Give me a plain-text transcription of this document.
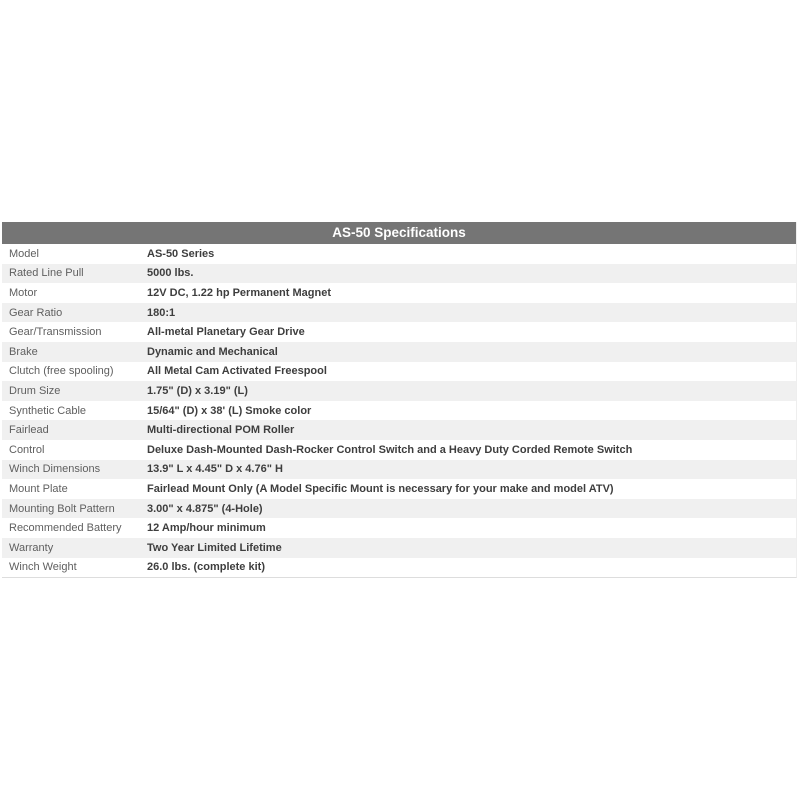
AS-50 Specifications
Model	AS-50 Series
Rated Line Pull	5000 lbs.
Motor	12V DC, 1.22 hp Permanent Magnet
Gear Ratio	180:1
Gear/Transmission	All-metal Planetary Gear Drive
Brake	Dynamic and Mechanical
Clutch (free spooling)	All Metal Cam Activated Freespool
Drum Size	1.75" (D) x 3.19" (L)
Synthetic Cable	15/64" (D) x 38' (L) Smoke color
Fairlead	Multi-directional POM Roller
Control	Deluxe Dash-Mounted Dash-Rocker Control Switch and a Heavy Duty Corded Remote Switch
Winch Dimensions	13.9" L x 4.45" D x 4.76" H
Mount Plate	Fairlead Mount Only (A Model Specific Mount is necessary for your make and model ATV)
Mounting Bolt Pattern	3.00" x 4.875" (4-Hole)
Recommended Battery	12 Amp/hour minimum
Warranty	Two Year Limited Lifetime
Winch Weight	26.0 lbs. (complete kit)
